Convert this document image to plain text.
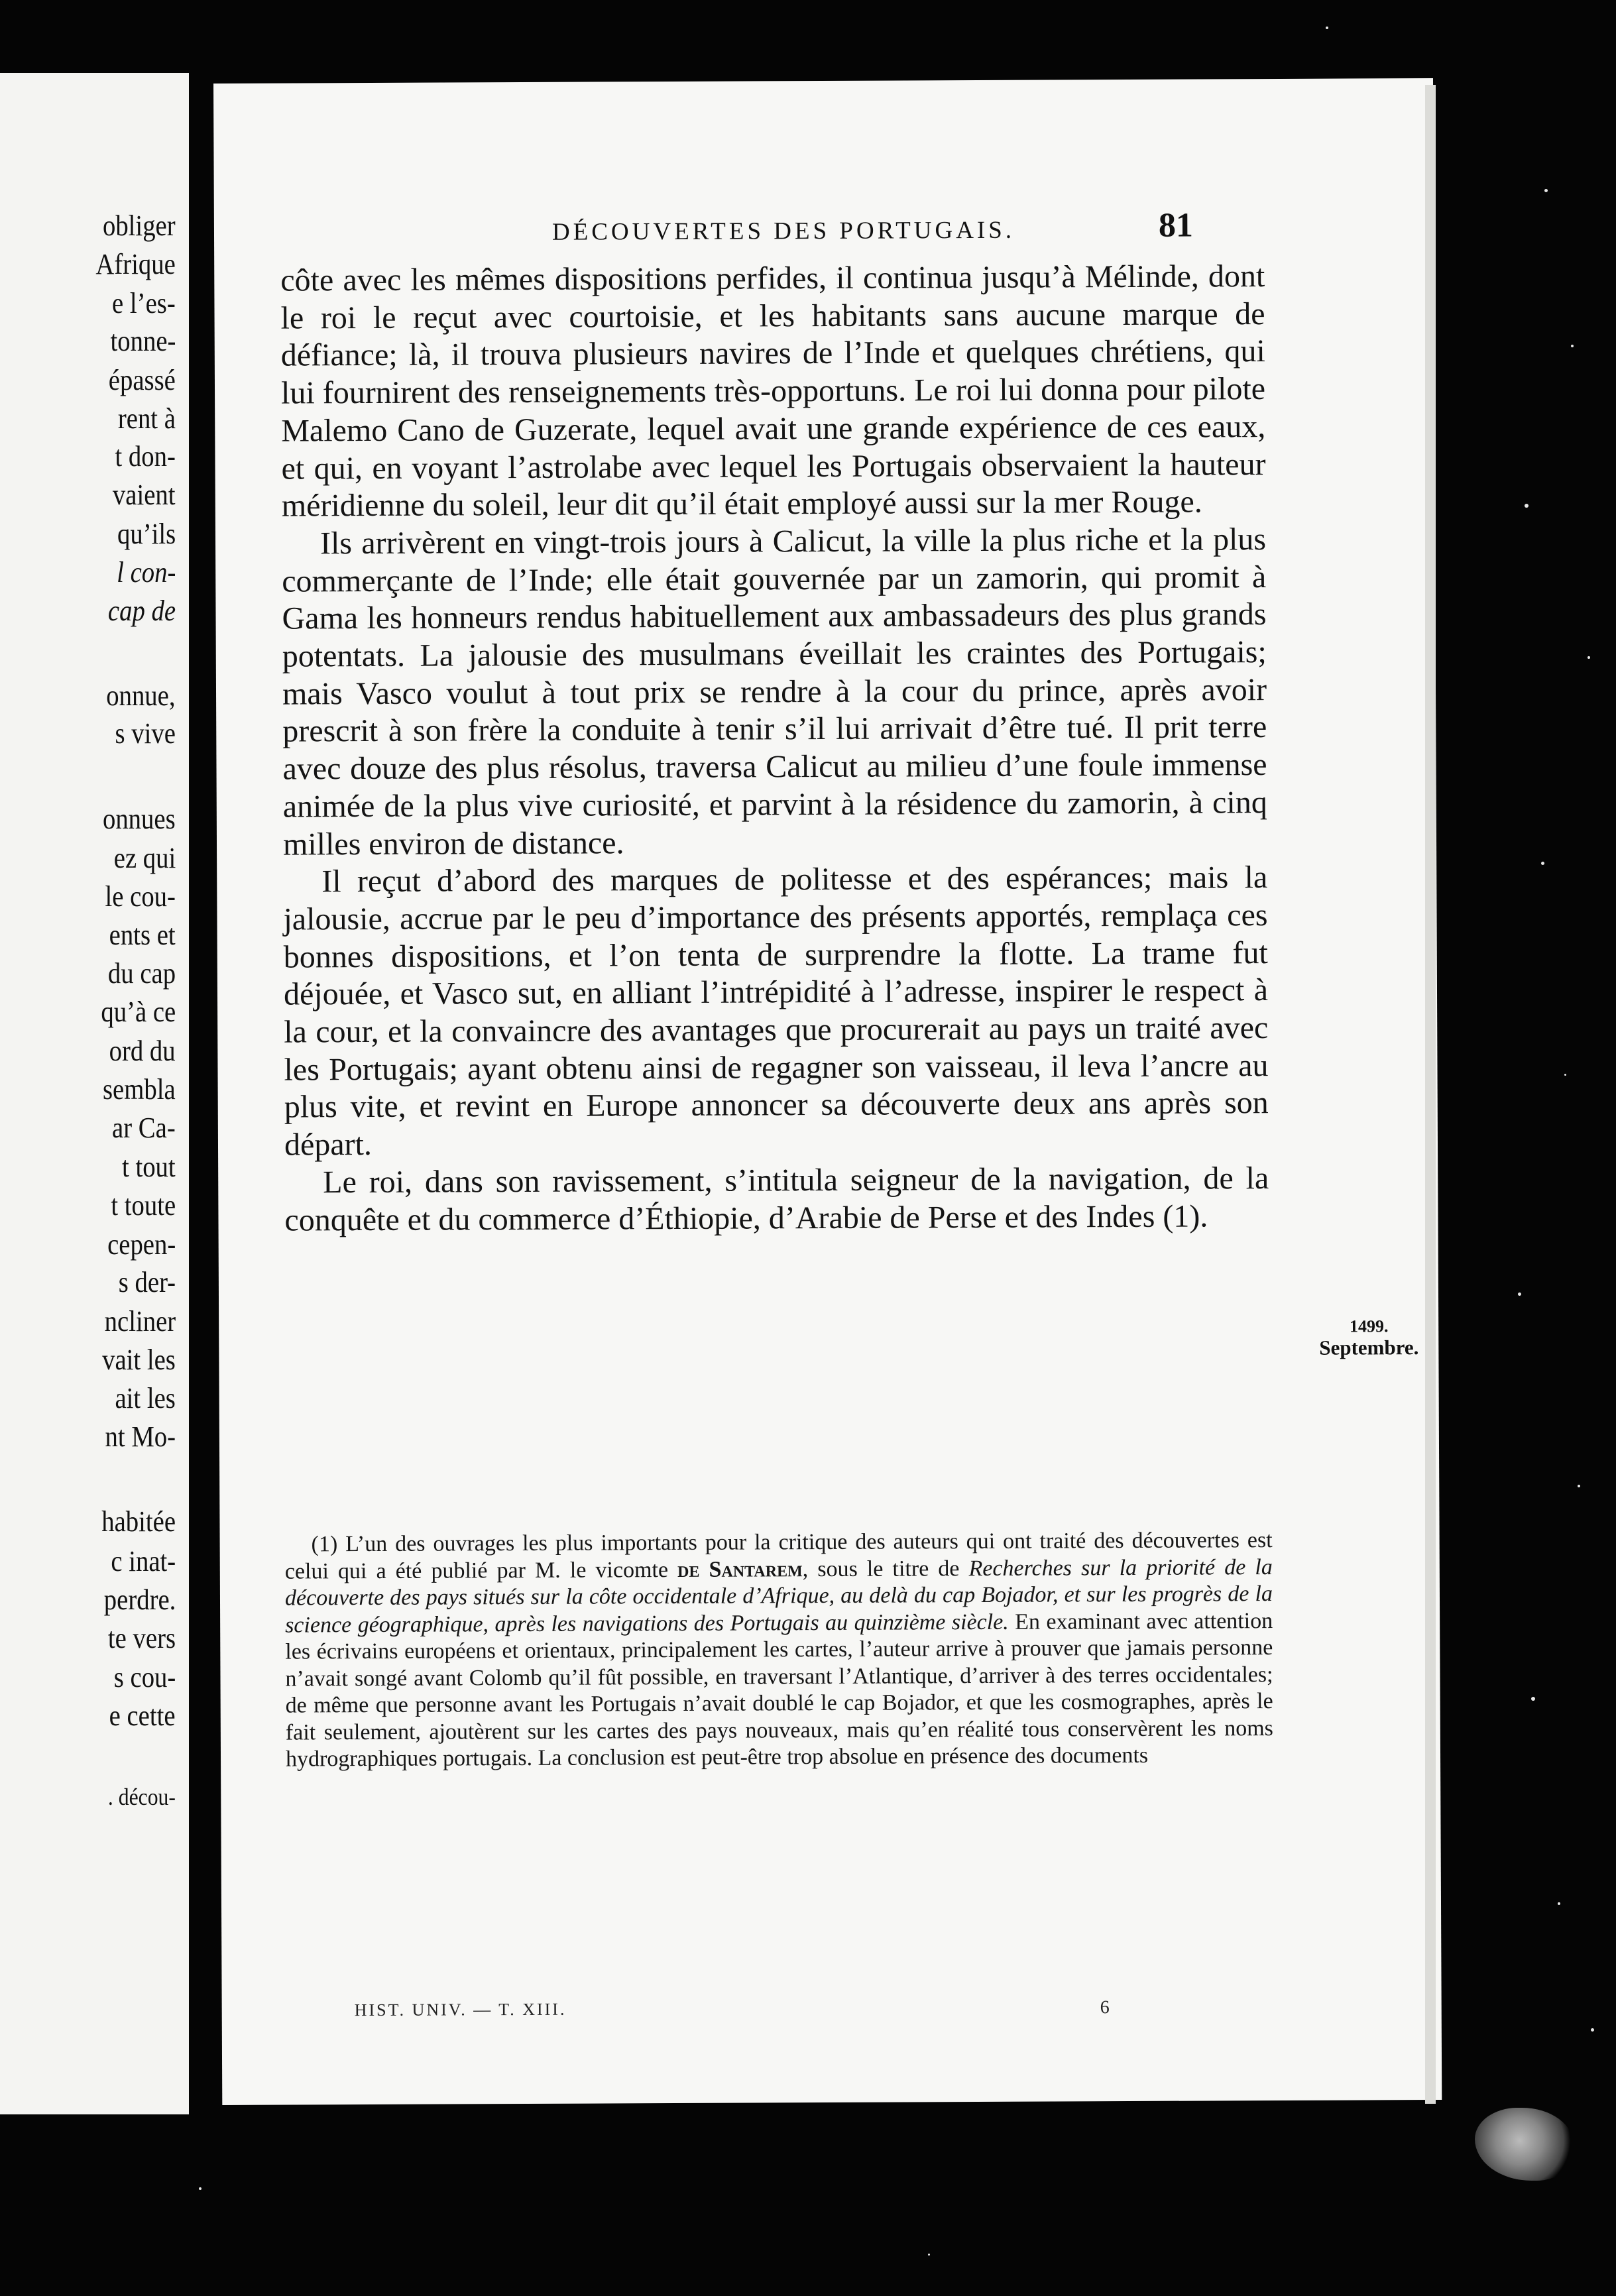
obliger
Afrique
e l’es-
tonne-
épassé
rent à
t don-
vaient
qu’ils
l con-
cap de
onnue,
s vive
onnues
ez qui
le cou-
ents et
du cap
qu’à ce
ord du
sembla
ar Ca-
t tout
t toute
cepen-
s der-
ncliner
vait les
ait les
nt Mo-
habitée
c inat-
perdre.
te vers
s cou-
e cette
. décou-
DÉCOUVERTES DES PORTUGAIS.	81

côte avec les mêmes dispositions perfides, il continua jusqu’à Mélinde, dont le roi le reçut avec courtoisie, et les habitants sans aucune marque de défiance; là, il trouva plusieurs navires de l’Inde et quelques chrétiens, qui lui fournirent des renseignements très-opportuns. Le roi lui donna pour pilote Malemo Cano de Guzerate, lequel avait une grande expérience de ces eaux, et qui, en voyant l’astrolabe avec lequel les Portugais observaient la hauteur méridienne du soleil, leur dit qu’il était employé aussi sur la mer Rouge.

Ils arrivèrent en vingt-trois jours à Calicut, la ville la plus riche et la plus commerçante de l’Inde; elle était gouvernée par un zamorin, qui promit à Gama les honneurs rendus habituellement aux ambassadeurs des plus grands potentats. La jalousie des musulmans éveillait les craintes des Portugais; mais Vasco voulut à tout prix se rendre à la cour du prince, après avoir prescrit à son frère la conduite à tenir s’il lui arrivait d’être tué. Il prit terre avec douze des plus résolus, traversa Calicut au milieu d’une foule immense animée de la plus vive curiosité, et parvint à la résidence du zamorin, à cinq milles environ de distance.

Il reçut d’abord des marques de politesse et des espérances; mais la jalousie, accrue par le peu d’importance des présents apportés, remplaça ces bonnes dispositions, et l’on tenta de surprendre la flotte. La trame fut déjouée, et Vasco sut, en alliant l’intrépidité à l’adresse, inspirer le respect à la cour, et la convaincre des avantages que procurerait au pays un traité avec les Portugais; ayant obtenu ainsi de regagner son vaisseau, il leva l’ancre au plus vite, et revint en Europe annoncer sa découverte deux ans après son départ.

Le roi, dans son ravissement, s’intitula seigneur de la navigation, de la conquête et du commerce d’Éthiopie, d’Arabie de Perse et des Indes (1).

1499.
Septembre.

(1) L’un des ouvrages les plus importants pour la critique des auteurs qui ont traité des découvertes est celui qui a été publié par M. le vicomte de Santarem, sous le titre de Recherches sur la priorité de la découverte des pays situés sur la côte occidentale d’Afrique, au delà du cap Bojador, et sur les progrès de la science géographique, après les navigations des Portugais au quinzième siècle. En examinant avec attention les écrivains européens et orientaux, principalement les cartes, l’auteur arrive à prouver que jamais personne n’avait songé avant Colomb qu’il fût possible, en traversant l’Atlantique, d’arriver à des terres occidentales; de même que personne avant les Portugais n’avait doublé le cap Bojador, et que les cosmographes, après le fait seulement, ajoutèrent sur les cartes des pays nouveaux, mais qu’en réalité tous conservèrent les noms hydrographiques portugais. La conclusion est peut-être trop absolue en présence des documents

HIST. UNIV. — T. XIII.	6
